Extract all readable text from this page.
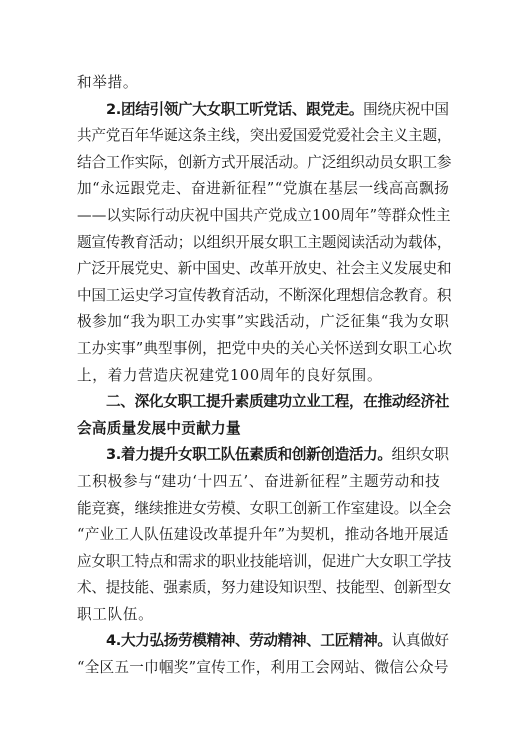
和举措。
2.团结引领广大女职工听党话、跟党走。围绕庆祝中国
共产党百年华诞这条主线，突出爱国爱党爱社会主义主题，
结合工作实际，创新方式开展活动。广泛组织动员女职工参
加“永远跟党走、奋进新征程”“党旗在基层一线高高飘扬
——以实际行动庆祝中国共产党成立100周年”等群众性主
题宣传教育活动；以组织开展女职工主题阅读活动为载体，
广泛开展党史、新中国史、改革开放史、社会主义发展史和
中国工运史学习宣传教育活动，不断深化理想信念教育。积
极参加“我为职工办实事”实践活动，广泛征集“我为女职
工办实事”典型事例，把党中央的关心关怀送到女职工心坎
上，着力营造庆祝建党100周年的良好氛围。
二、深化女职工提升素质建功立业工程，在推动经济社
会高质量发展中贡献力量
3.着力提升女职工队伍素质和创新创造活力。组织女职
工积极参与“建功‘十四五’、奋进新征程”主题劳动和技
能竞赛，继续推进女劳模、女职工创新工作室建设。以全会
“产业工人队伍建设改革提升年”为契机，推动各地开展适
应女职工特点和需求的职业技能培训，促进广大女职工学技
术、提技能、强素质，努力建设知识型、技能型、创新型女
职工队伍。
4.大力弘扬劳模精神、劳动精神、工匠精神。认真做好
“全区五一巾帼奖”宣传工作，利用工会网站、微信公众号
